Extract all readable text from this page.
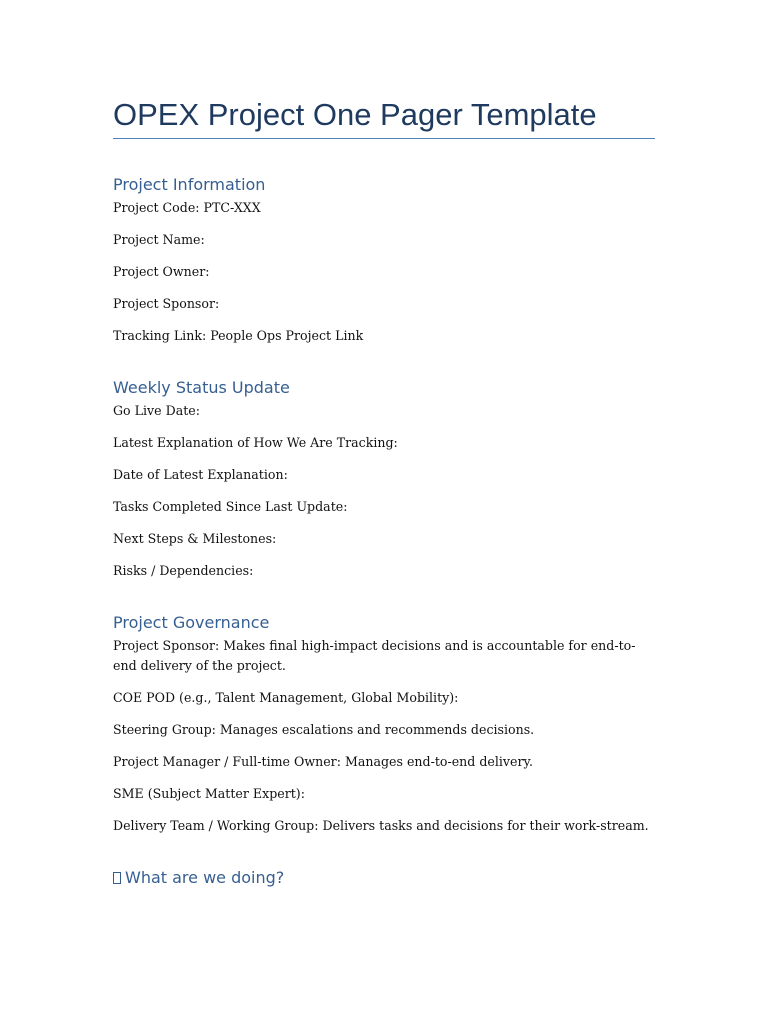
OPEX Project One Pager Template
Project Information

Project Code: PTC-XXX

Project Name:

Project Owner:

Project Sponsor:

Tracking Link: People Ops Project Link

Weekly Status Update

Go Live Date:

Latest Explanation of How We Are Tracking:

Date of Latest Explanation:

Tasks Completed Since Last Update:

Next Steps & Milestones:

Risks / Dependencies:

Project Governance

Project Sponsor: Makes final high-impact decisions and is accountable for end-to-end delivery of the project.

COE POD (e.g., Talent Management, Global Mobility):

Steering Group: Manages escalations and recommends decisions.

Project Manager / Full-time Owner: Manages end-to-end delivery.

SME (Subject Matter Expert):

Delivery Team / Working Group: Delivers tasks and decisions for their work-stream.

What are we doing?
